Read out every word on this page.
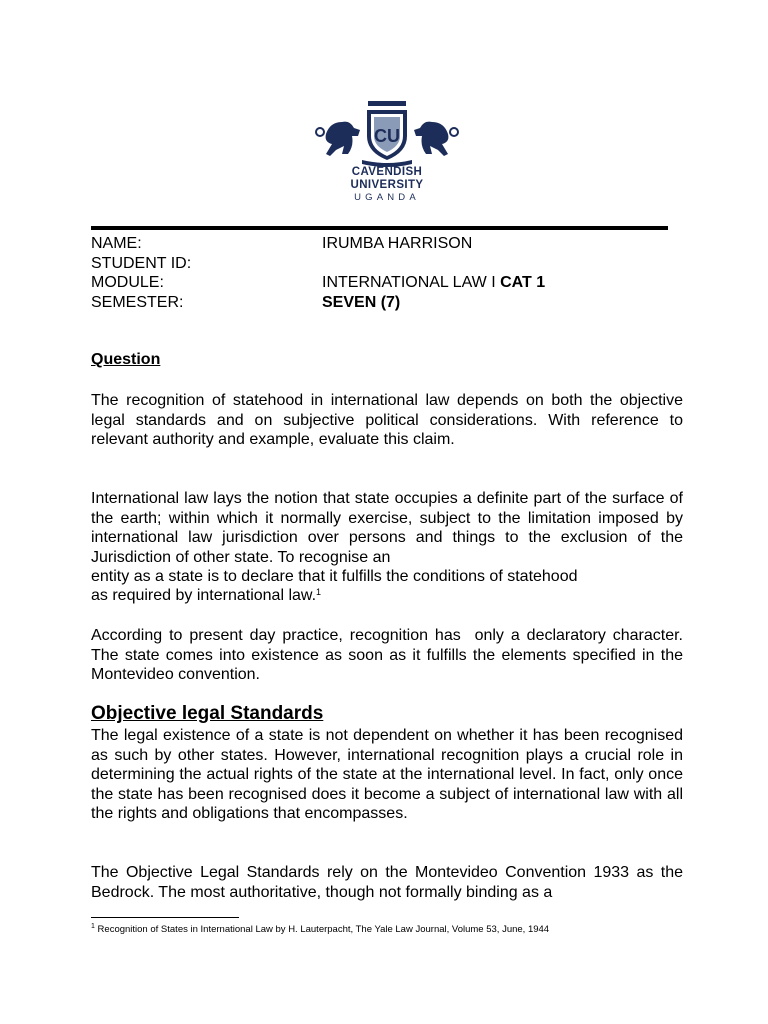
CU
CAVENDISH
UNIVERSITY
UGANDA
NAME:	IRUMBA HARRISON
STUDENT ID:
MODULE:	INTERNATIONAL LAW I CAT 1
SEMESTER:	SEVEN (7)
Question
The recognition of statehood in international law depends on both the objective legal standards and on subjective political considerations. With reference to relevant authority and example, evaluate this claim.
International law lays the notion that state occupies a definite part of the surface of the earth; within which it normally exercise, subject to the limitation imposed by international law jurisdiction over persons and things to the exclusion of the Jurisdiction of other state. To recognise an
entity as a state is to declare that it fulfills the conditions of statehood
as required by international law.$^1$
According to present day practice, recognition has  only a declaratory character. The state comes into existence as soon as it fulfills the elements specified in the Montevideo convention.
Objective legal Standards
The legal existence of a state is not dependent on whether it has been recognised as such by other states. However, international recognition plays a crucial role in determining the actual rights of the state at the international level. In fact, only once the state has been recognised does it become a subject of international law with all the rights and obligations that encompasses.
The Objective Legal Standards rely on the Montevideo Convention 1933 as the Bedrock. The most authoritative, though not formally binding as a
$^1$ Recognition of States in International Law by H. Lauterpacht, The Yale Law Journal, Volume 53, June, 1944
